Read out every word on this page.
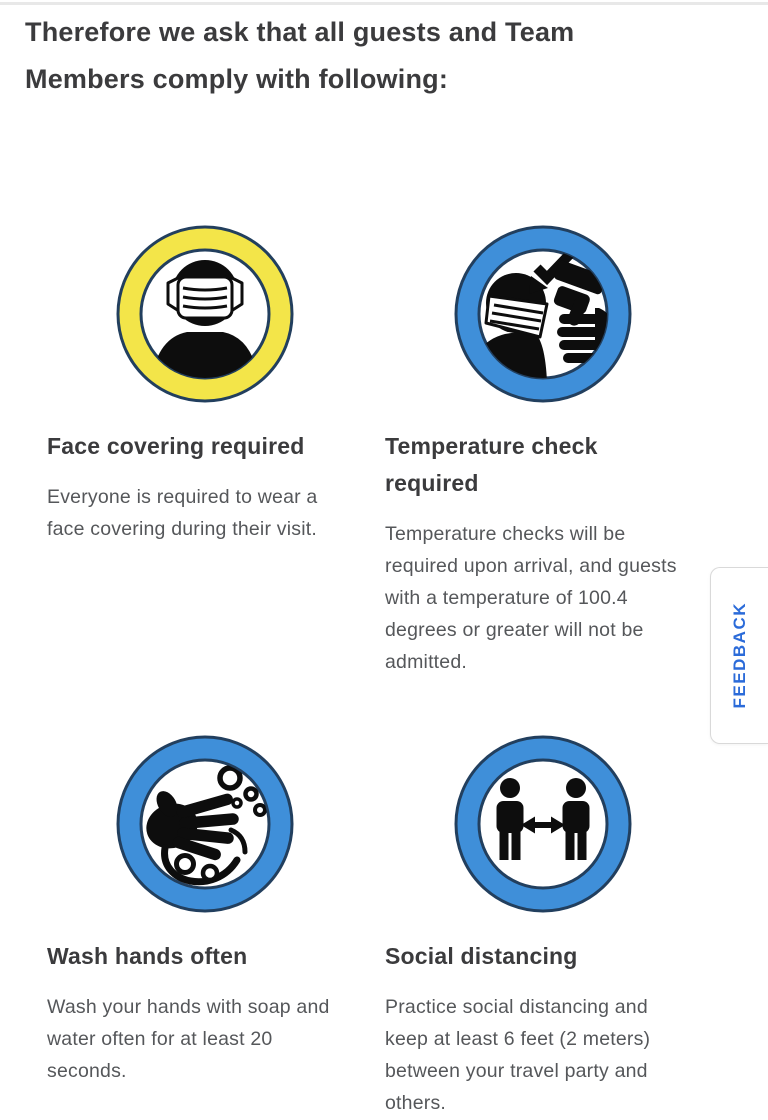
Therefore we ask that all guests and Team
Members comply with following:
Face covering required

Everyone is required to wear a face covering during their visit.

Temperature check required

Temperature checks will be required upon arrival, and guests with a temperature of 100.4 degrees or greater will not be admitted.

Wash hands often

Wash your hands with soap and water often for at least 20 seconds.

Social distancing

Practice social distancing and keep at least 6 feet (2 meters) between your travel party and others.

FEEDBACK
